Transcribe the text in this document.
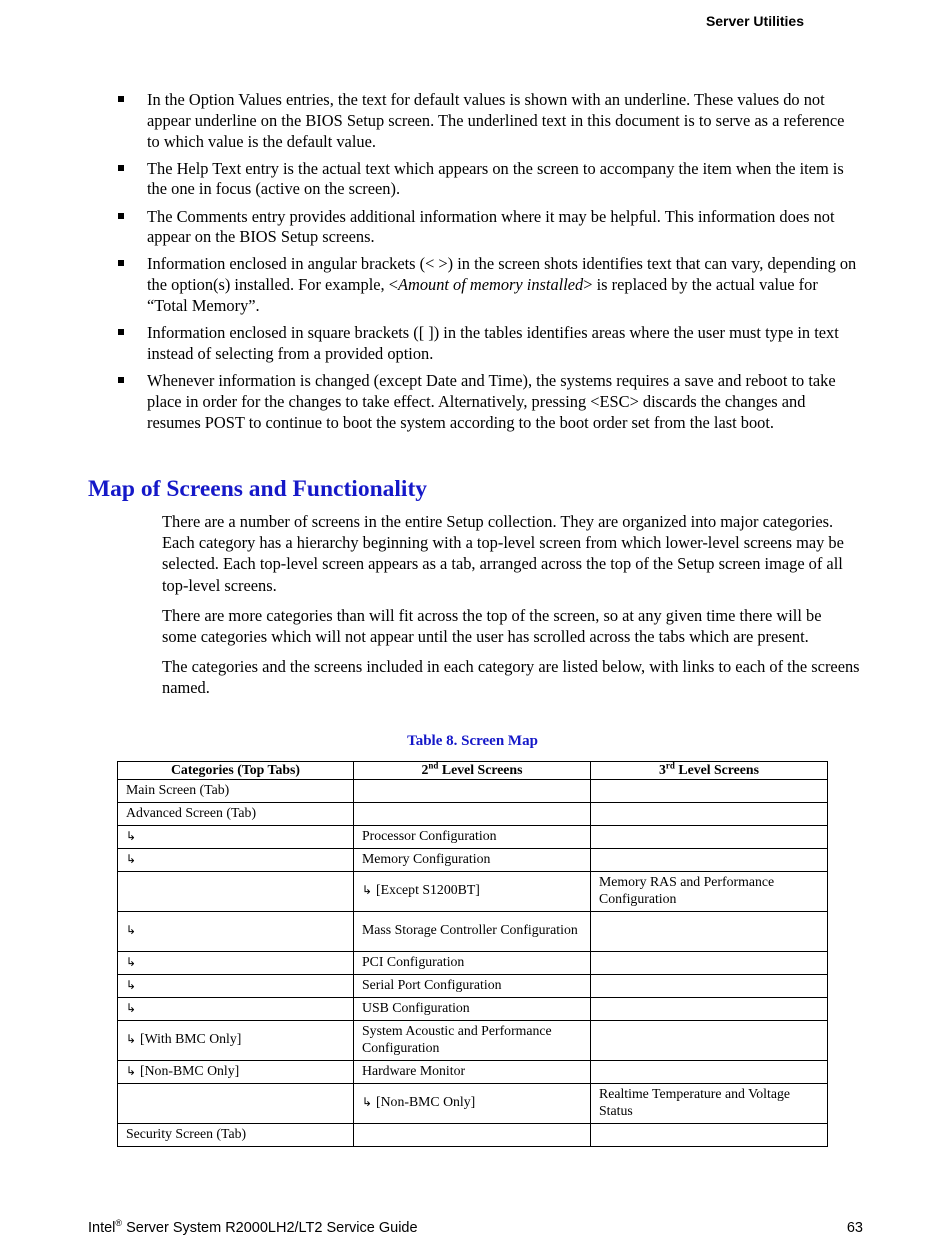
Server Utilities
In the Option Values entries, the text for default values is shown with an underline. These values do not appear underline on the BIOS Setup screen. The underlined text in this document is to serve as a reference to which value is the default value.
The Help Text entry is the actual text which appears on the screen to accompany the item when the item is the one in focus (active on the screen).
The Comments entry provides additional information where it may be helpful. This information does not appear on the BIOS Setup screens.
Information enclosed in angular brackets (< >) in the screen shots identifies text that can vary, depending on the option(s) installed. For example, <Amount of memory installed> is replaced by the actual value for “Total Memory”.
Information enclosed in square brackets ([ ]) in the tables identifies areas where the user must type in text instead of selecting from a provided option.
Whenever information is changed (except Date and Time), the systems requires a save and reboot to take place in order for the changes to take effect. Alternatively, pressing <ESC> discards the changes and resumes POST to continue to boot the system according to the boot order set from the last boot.
Map of Screens and Functionality

There are a number of screens in the entire Setup collection. They are organized into major categories. Each category has a hierarchy beginning with a top-level screen from which lower-level screens may be selected. Each top-level screen appears as a tab, arranged across the top of the Setup screen image of all top-level screens.

There are more categories than will fit across the top of the screen, so at any given time there will be some categories which will not appear until the user has scrolled across the tabs which are present.

The categories and the screens included in each category are listed below, with links to each of the screens named.

Table 8. Screen Map
Categories (Top Tabs)	2nd Level Screens	3rd Level Screens
Main Screen (Tab)		
Advanced Screen (Tab)		
↳	Processor Configuration	
↳	Memory Configuration	
	↳ [Except S1200BT]	Memory RAS and Performance Configuration
↳	Mass Storage Controller Configuration	
↳	PCI Configuration	
↳	Serial Port Configuration	
↳	USB Configuration	
↳ [With BMC Only]	System Acoustic and Performance Configuration	
↳ [Non-BMC Only]	Hardware Monitor	
	↳ [Non-BMC Only]	Realtime Temperature and Voltage Status
Security Screen (Tab)		
Intel® Server System R2000LH2/LT2 Service Guide	63
